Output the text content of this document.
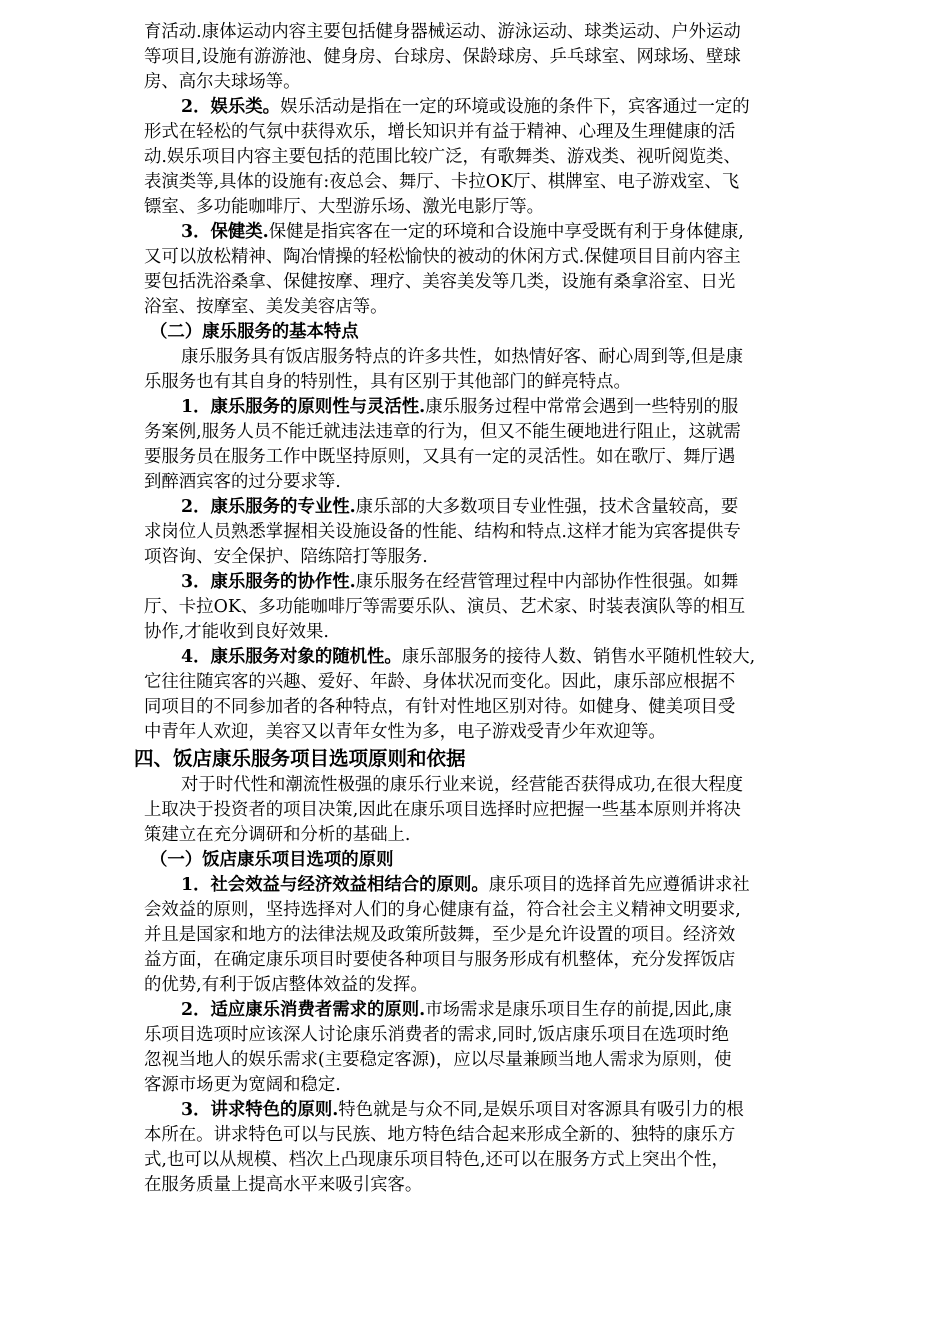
育活动.康体运动内容主要包括健身器械运动、游泳运动、球类运动、户外运动
等项目,设施有游游池、健身房、台球房、保龄球房、乒乓球室、网球场、壁球
房、高尔夫球场等。
2．娱乐类。娱乐活动是指在一定的环境或设施的条件下，宾客通过一定的
形式在轻松的气氛中获得欢乐，增长知识并有益于精神、心理及生理健康的活
动.娱乐项目内容主要包括的范围比较广泛，有歌舞类、游戏类、视听阅览类、
表演类等,具体的设施有:夜总会、舞厅、卡拉OK厅、棋牌室、电子游戏室、飞
镖室、多功能咖啡厅、大型游乐场、激光电影厅等。
3．保健类.保健是指宾客在一定的环境和合设施中享受既有利于身体健康,
又可以放松精神、陶冶情操的轻松愉快的被动的休闲方式.保健项目目前内容主
要包括洗浴桑拿、保健按摩、理疗、美容美发等几类，设施有桑拿浴室、日光
浴室、按摩室、美发美容店等。
（二）康乐服务的基本特点
康乐服务具有饭店服务特点的许多共性，如热情好客、耐心周到等,但是康
乐服务也有其自身的特别性，具有区别于其他部门的鲜亮特点。
1．康乐服务的原则性与灵活性.康乐服务过程中常常会遇到一些特别的服
务案例,服务人员不能迁就违法违章的行为，但又不能生硬地进行阻止，这就需
要服务员在服务工作中既坚持原则，又具有一定的灵活性。如在歌厅、舞厅遇
到醉酒宾客的过分要求等.
2．康乐服务的专业性.康乐部的大多数项目专业性强，技术含量较高，要
求岗位人员熟悉掌握相关设施设备的性能、结构和特点.这样才能为宾客提供专
项咨询、安全保护、陪练陪打等服务.
3．康乐服务的协作性.康乐服务在经营管理过程中内部协作性很强。如舞
厅、卡拉OK、多功能咖啡厅等需要乐队、演员、艺术家、时装表演队等的相互
协作,才能收到良好效果.
4．康乐服务对象的随机性。康乐部服务的接待人数、销售水平随机性较大,
它往往随宾客的兴趣、爱好、年龄、身体状况而变化。因此，康乐部应根据不
同项目的不同参加者的各种特点，有针对性地区别对待。如健身、健美项目受
中青年人欢迎，美容又以青年女性为多，电子游戏受青少年欢迎等。
四、饭店康乐服务项目选项原则和依据
对于时代性和潮流性极强的康乐行业来说，经营能否获得成功,在很大程度
上取决于投资者的项目决策,因此在康乐项目选择时应把握一些基本原则并将决
策建立在充分调研和分析的基础上.
（一）饭店康乐项目选项的原则
1．社会效益与经济效益相结合的原则。康乐项目的选择首先应遵循讲求社
会效益的原则，坚持选择对人们的身心健康有益，符合社会主义精神文明要求,
并且是国家和地方的法律法规及政策所鼓舞，至少是允许设置的项目。经济效
益方面，在确定康乐项目时要使各种项目与服务形成有机整体，充分发挥饭店
的优势,有利于饭店整体效益的发挥。
2．适应康乐消费者需求的原则.市场需求是康乐项目生存的前提,因此,康
乐项目选项时应该深人讨论康乐消费者的需求,同时,饭店康乐项目在选项时绝
忽视当地人的娱乐需求(主要稳定客源)，应以尽量兼顾当地人需求为原则，使
客源市场更为宽阔和稳定.
3．讲求特色的原则.特色就是与众不同,是娱乐项目对客源具有吸引力的根
本所在。讲求特色可以与民族、地方特色结合起来形成全新的、独特的康乐方
式,也可以从规模、档次上凸现康乐项目特色,还可以在服务方式上突出个性，
在服务质量上提高水平来吸引宾客。
